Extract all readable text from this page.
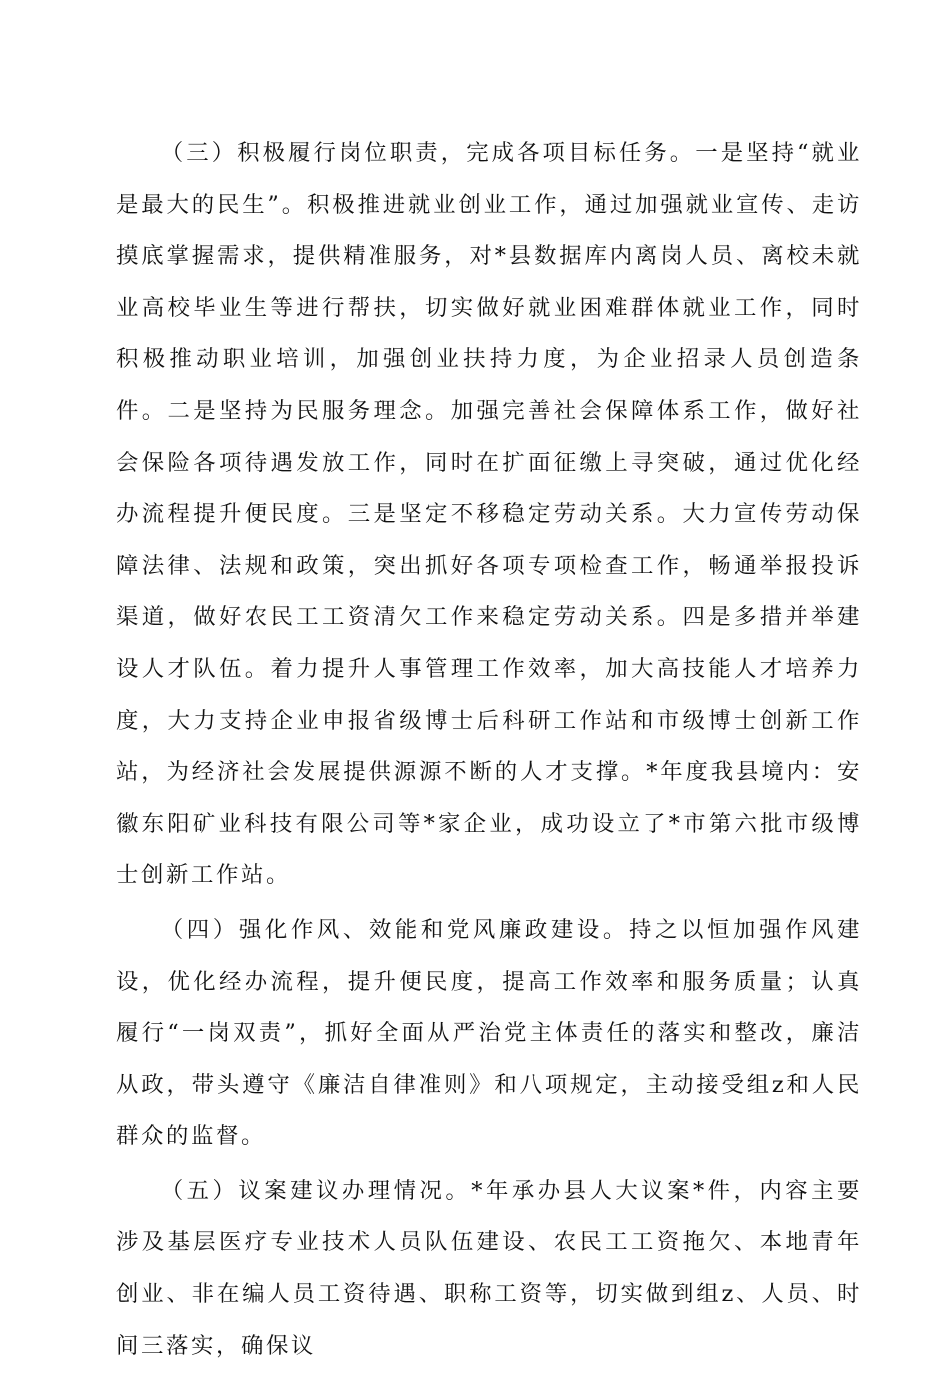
（三）积极履行岗位职责，完成各项目标任务。一是坚持“就业是最大的民生”。积极推进就业创业工作，通过加强就业宣传、走访摸底掌握需求，提供精准服务，对*县数据库内离岗人员、离校未就业高校毕业生等进行帮扶，切实做好就业困难群体就业工作，同时积极推动职业培训，加强创业扶持力度，为企业招录人员创造条件。二是坚持为民服务理念。加强完善社会保障体系工作，做好社会保险各项待遇发放工作，同时在扩面征缴上寻突破，通过优化经办流程提升便民度。三是坚定不移稳定劳动关系。大力宣传劳动保障法律、法规和政策，突出抓好各项专项检查工作，畅通举报投诉渠道，做好农民工工资清欠工作来稳定劳动关系。四是多措并举建设人才队伍。着力提升人事管理工作效率，加大高技能人才培养力度，大力支持企业申报省级博士后科研工作站和市级博士创新工作站，为经济社会发展提供源源不断的人才支撑。*年度我县境内：安徽东阳矿业科技有限公司等*家企业，成功设立了*市第六批市级博士创新工作站。

（四）强化作风、效能和党风廉政建设。持之以恒加强作风建设，优化经办流程，提升便民度，提高工作效率和服务质量；认真履行“一岗双责”，抓好全面从严治党主体责任的落实和整改，廉洁从政，带头遵守《廉洁自律准则》和八项规定，主动接受组z和人民群众的监督。

（五）议案建议办理情况。*年承办县人大议案*件，内容主要涉及基层医疗专业技术人员队伍建设、农民工工资拖欠、本地青年创业、非在编人员工资待遇、职称工资等，切实做到组z、人员、时间三落实，确保议
